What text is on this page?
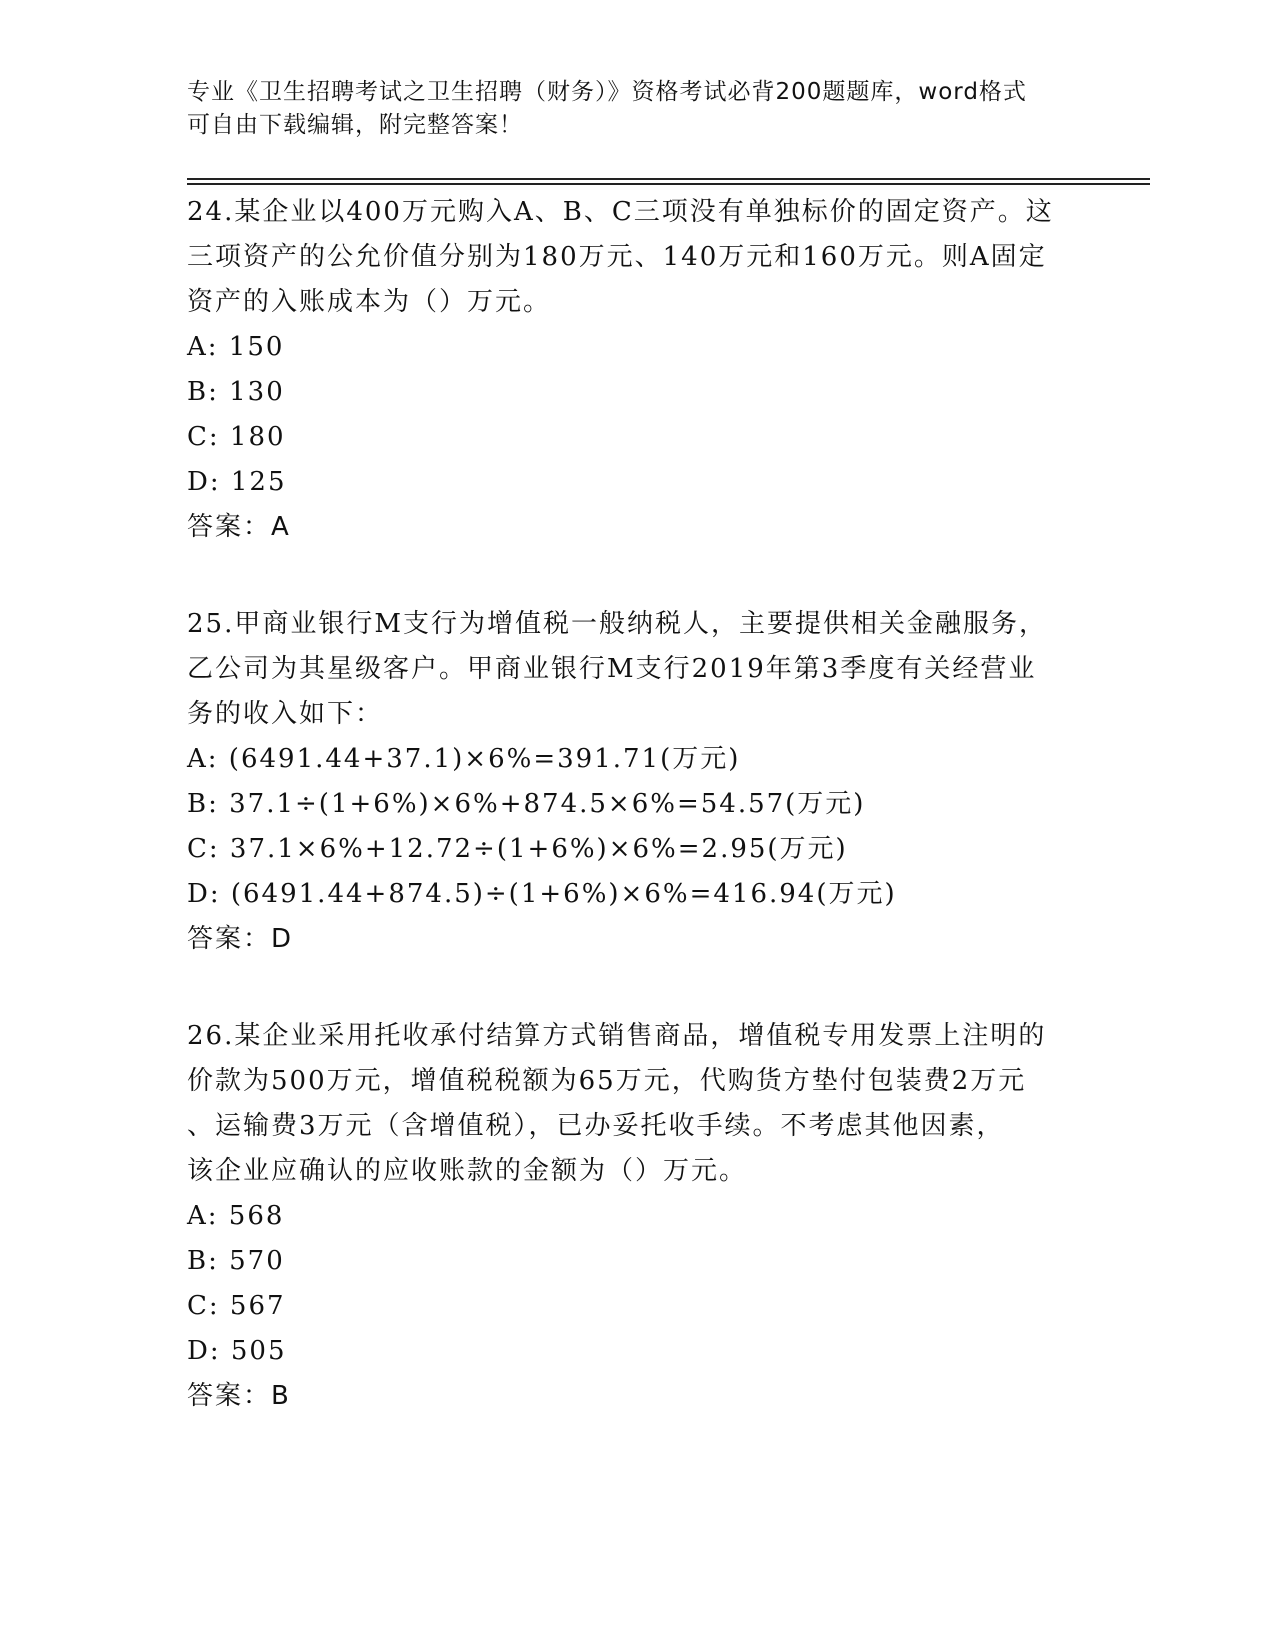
专业《卫生招聘考试之卫生招聘（财务）》资格考试必背200题题库，word格式
可自由下载编辑，附完整答案！
24.某企业以400万元购入A、B、C三项没有单独标价的固定资产。这
三项资产的公允价值分别为180万元、140万元和160万元。则A固定
资产的入账成本为（）万元。
A: 150
B: 130
C: 180
D: 125
答案：A
25.甲商业银行M支行为增值税一般纳税人，主要提供相关金融服务，
乙公司为其星级客户。甲商业银行M支行2019年第3季度有关经营业
务的收入如下：
A: (6491.44+37.1)×6%=391.71(万元)
B: 37.1÷(1+6%)×6%+874.5×6%=54.57(万元)
C: 37.1×6%+12.72÷(1+6%)×6%=2.95(万元)
D: (6491.44+874.5)÷(1+6%)×6%=416.94(万元)
答案：D
26.某企业采用托收承付结算方式销售商品，增值税专用发票上注明的
价款为500万元，增值税税额为65万元，代购货方垫付包装费2万元
、运输费3万元（含增值税），已办妥托收手续。不考虑其他因素，
该企业应确认的应收账款的金额为（）万元。
A: 568
B: 570
C: 567
D: 505
答案：B
